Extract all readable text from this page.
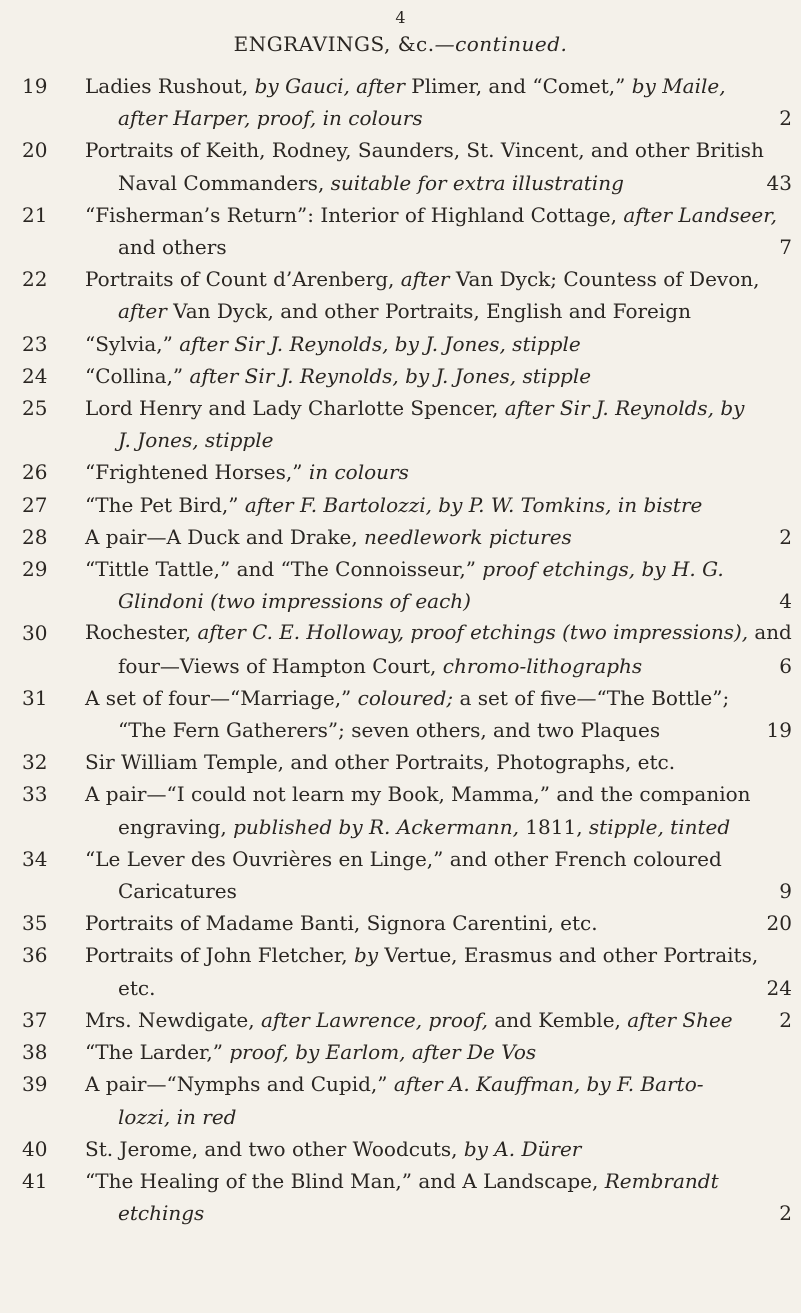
4
ENGRAVINGS, &c.—continued.
19	Ladies Rushout, by Gauci, after Plimer, and “Comet,” by Maile,
after Harper, proof, in colours	2
20	Portraits of Keith, Rodney, Saunders, St. Vincent, and other British
Naval Commanders, suitable for extra illustrating	43
21	“Fisherman’s Return”: Interior of Highland Cottage, after Landseer,
and others	7
22	Portraits of Count d’Arenberg, after Van Dyck; Countess of Devon,
after Van Dyck, and other Portraits, English and Foreign
23	“Sylvia,” after Sir J. Reynolds, by J. Jones, stipple
24	“Collina,” after Sir J. Reynolds, by J. Jones, stipple
25	Lord Henry and Lady Charlotte Spencer, after Sir J. Reynolds, by
J. Jones, stipple
26	“Frightened Horses,” in colours
27	“The Pet Bird,” after F. Bartolozzi, by P. W. Tomkins, in bistre
28	A pair—A Duck and Drake, needlework pictures	2
29	“Tittle Tattle,” and “The Connoisseur,” proof etchings, by H. G.
Glindoni (two impressions of each)	4
30	Rochester, after C. E. Holloway, proof etchings (two impressions), and
four—Views of Hampton Court, chromo-lithographs	6
31	A set of four—“Marriage,” coloured; a set of five—“The Bottle”;
“The Fern Gatherers”; seven others, and two Plaques	19
32	Sir William Temple, and other Portraits, Photographs, etc.
33	A pair—“I could not learn my Book, Mamma,” and the companion
engraving, published by R. Ackermann, 1811, stipple, tinted
34	“Le Lever des Ouvrières en Linge,” and other French coloured
Caricatures	9
35	Portraits of Madame Banti, Signora Carentini, etc.	20
36	Portraits of John Fletcher, by Vertue, Erasmus and other Portraits,
etc.	24
37	Mrs. Newdigate, after Lawrence, proof, and Kemble, after Shee 2
38	“The Larder,” proof, by Earlom, after De Vos
39	A pair—“Nymphs and Cupid,” after A. Kauffman, by F. Barto-
lozzi, in red
40	St. Jerome, and two other Woodcuts, by A. Dürer
41	“The Healing of the Blind Man,” and A Landscape, Rembrandt
etchings	2
